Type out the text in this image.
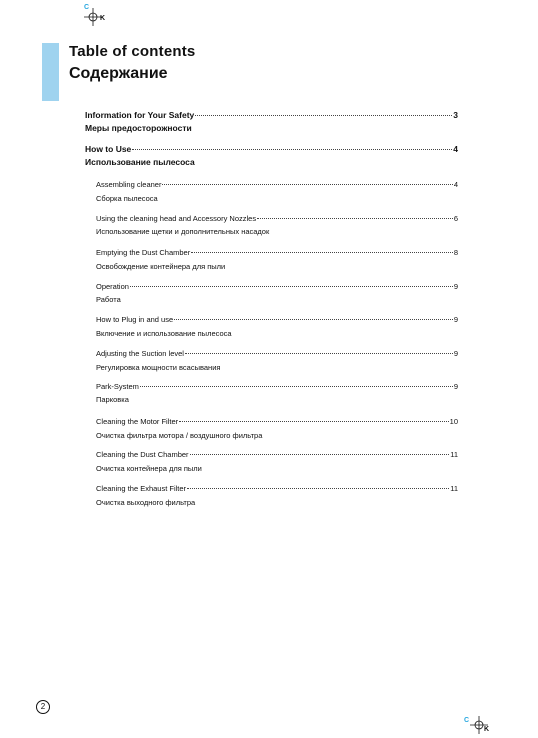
C
K
Table of contents
Содержание
Information for Your Safety	3
Меры предосторожности
How to Use	4
Использование пылесоса
Assembling cleaner	4
Сборка пылесоса
Using the cleaning head and Accessory Nozzles	6
Использование щетки и дополнительных насадок
Emptying the Dust Chamber	8
Освобождение контейнера для пыли
Operation	9
Работа
How to Plug in and use	9
Включение и использование пылесоса
Adjusting the Suction level	9
Регулировка мощности всасывания
Park-System	9
Парковка
Cleaning the Motor Filter	10
Очистка фильтра мотора / воздушного фильтра
Cleaning the Dust Chamber	11
Очистка контейнера для пыли
Cleaning the Exhaust Filter	11
Очистка выходного фильтра
2
C
K
